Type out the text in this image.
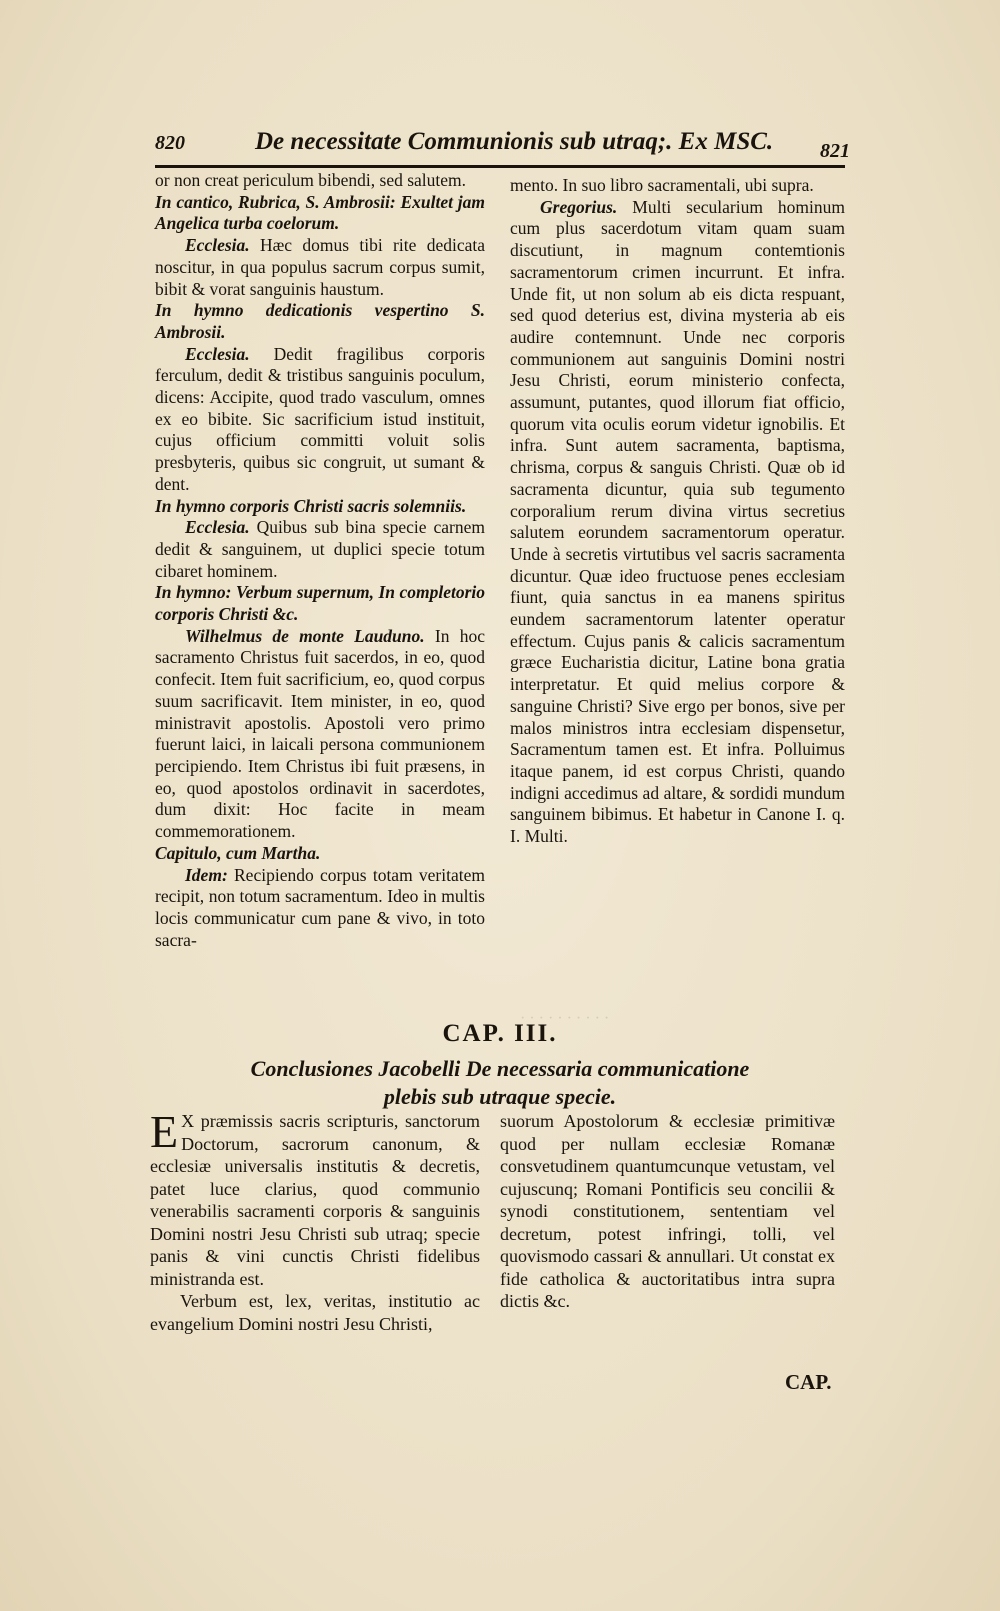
820	De necessitate Communionis sub utraq;. Ex MSC. 821

or non creat periculum bibendi, sed salutem.

In cantico, Rubrica, S. Ambrosii: Exultet jam Angelica turba coelorum.

Ecclesia. Hæc domus tibi rite dedicata noscitur, in qua populus sacrum corpus sumit, bibit & vorat sanguinis haustum.

In hymno dedicationis vespertino S. Ambrosii.

Ecclesia. Dedit fragilibus corporis ferculum, dedit & tristibus sanguinis poculum, dicens: Accipite, quod trado vasculum, omnes ex eo bibite. Sic sacrificium istud instituit, cujus officium committi voluit solis presbyteris, quibus sic congruit, ut sumant & dent.

In hymno corporis Christi sacris solemniis.

Ecclesia. Quibus sub bina specie carnem dedit & sanguinem, ut duplici specie totum cibaret hominem.

In hymno: Verbum supernum, In completorio corporis Christi &c.

Wilhelmus de monte Lauduno. In hoc sacramento Christus fuit sacerdos, in eo, quod confecit. Item fuit sacrificium, eo, quod corpus suum sacrificavit. Item minister, in eo, quod ministravit apostolis. Apostoli vero primo fuerunt laici, in laicali persona communionem percipiendo. Item Christus ibi fuit præsens, in eo, quod apostolos ordinavit in sacerdotes, dum dixit: Hoc facite in meam commemorationem.

Capitulo, cum Martha.

Idem: Recipiendo corpus totam veritatem recipit, non totum sacramentum. Ideo in multis locis communicatur cum pane & vivo, in toto sacra-

mento. In suo libro sacramentali, ubi supra.

Gregorius. Multi secularium hominum cum plus sacerdotum vitam quam suam discutiunt, in magnum contemtionis sacramentorum crimen incurrunt. Et infra. Unde fit, ut non solum ab eis dicta respuant, sed quod deterius est, divina mysteria ab eis audire contemnunt. Unde nec corporis communionem aut sanguinis Domini nostri Jesu Christi, eorum ministerio confecta, assumunt, putantes, quod illorum fiat officio, quorum vita oculis eorum videtur ignobilis. Et infra. Sunt autem sacramenta, baptisma, chrisma, corpus & sanguis Christi. Quæ ob id sacramenta dicuntur, quia sub tegumento corporalium rerum divina virtus secretius salutem eorundem sacramentorum operatur. Unde à secretis virtutibus vel sacris sacramenta dicuntur. Quæ ideo fructuose penes ecclesiam fiunt, quia sanctus in ea manens spiritus eundem sacramentorum latenter operatur effectum. Cujus panis & calicis sacramentum græce Eucharistia dicitur, Latine bona gratia interpretatur. Et quid melius corpore & sanguine Christi? Sive ergo per bonos, sive per malos ministros intra ecclesiam dispensetur, Sacramentum tamen est. Et infra. Polluimus itaque panem, id est corpus Christi, quando indigni accedimus ad altare, & sordidi mundum sanguinem bibimus. Et habetur in Canone I. q. I. Multi.

CAP. III.
Conclusiones Jacobelli De necessaria communicatione
plebis sub utraque specie.

E X præmissis sacris scripturis, sanctorum Doctorum, sacrorum canonum, & ecclesiæ universalis institutis & decretis, patet luce clarius, quod communio venerabilis sacramenti corporis & sanguinis Domini nostri Jesu Christi sub utraq; specie panis & vini cunctis Christi fidelibus ministranda est.

Verbum est, lex, veritas, institutio ac evangelium Domini nostri Jesu Christi,

suorum Apostolorum & ecclesiæ primitivæ quod per nullam ecclesiæ Romanæ consvetudinem quantumcunque vetustam, vel cujuscunq; Romani Pontificis seu concilii & synodi constitutionem, sententiam vel decretum, potest infringi, tolli, vel quovismodo cassari & annullari. Ut constat ex fide catholica & auctoritatibus intra supra dictis &c.

CAP.
· · · · · · · · · ·
